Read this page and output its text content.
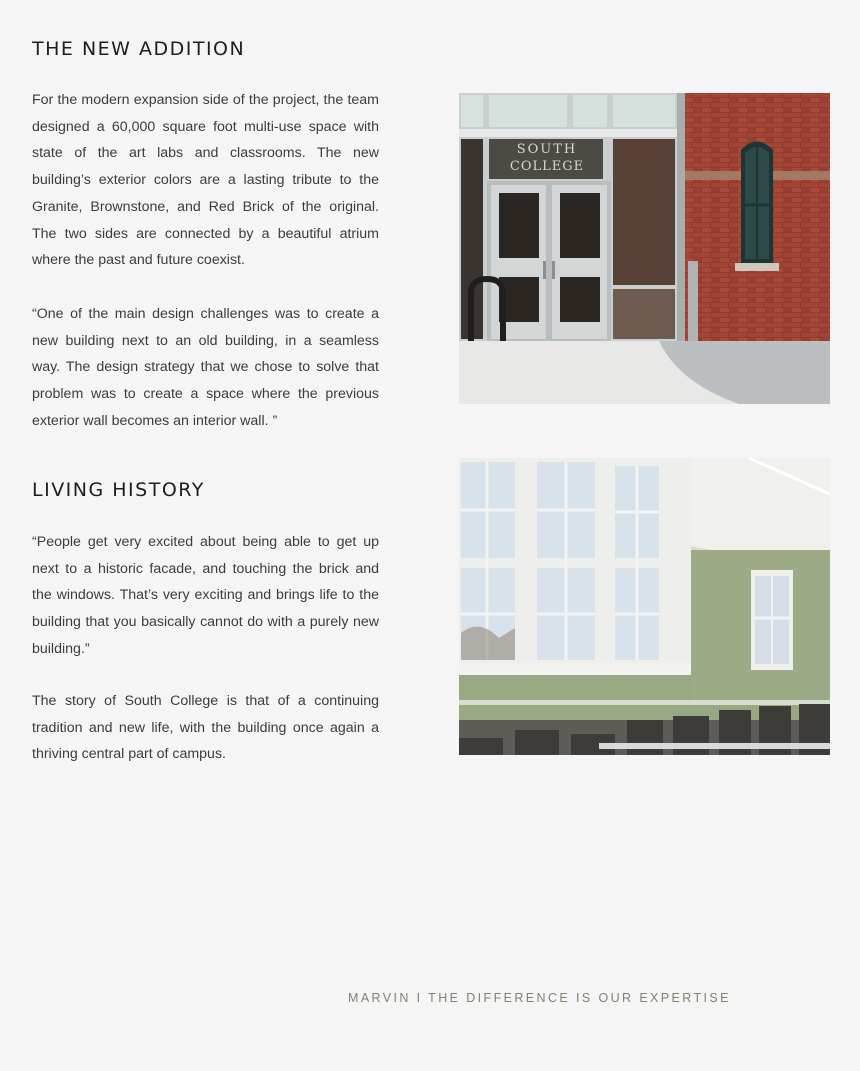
THE NEW ADDITION

For the modern expansion side of the project, the team designed a 60,000 square foot multi-use space with state of the art labs and classrooms. The new building’s exterior colors are a lasting tribute to the Granite, Brownstone, and Red Brick of the original. The two sides are connected by a beautiful atrium where the past and future coexist.

“One of the main design challenges was to create a new building next to an old building, in a seamless way. The design strategy that we chose to solve that problem was to create a space where the previous exterior wall becomes an interior wall. ”

LIVING HISTORY

“People get very excited about being able to get up next to a historic facade, and touching the brick and the windows. That’s very exciting and brings life to the building that you basically cannot do with a purely new building.”

The story of South College is that of a continuing tradition and new life, with the building once again a thriving central part of campus.

SOUTH
COLLEGE
MARVIN I THE DIFFERENCE IS OUR EXPERTISE
